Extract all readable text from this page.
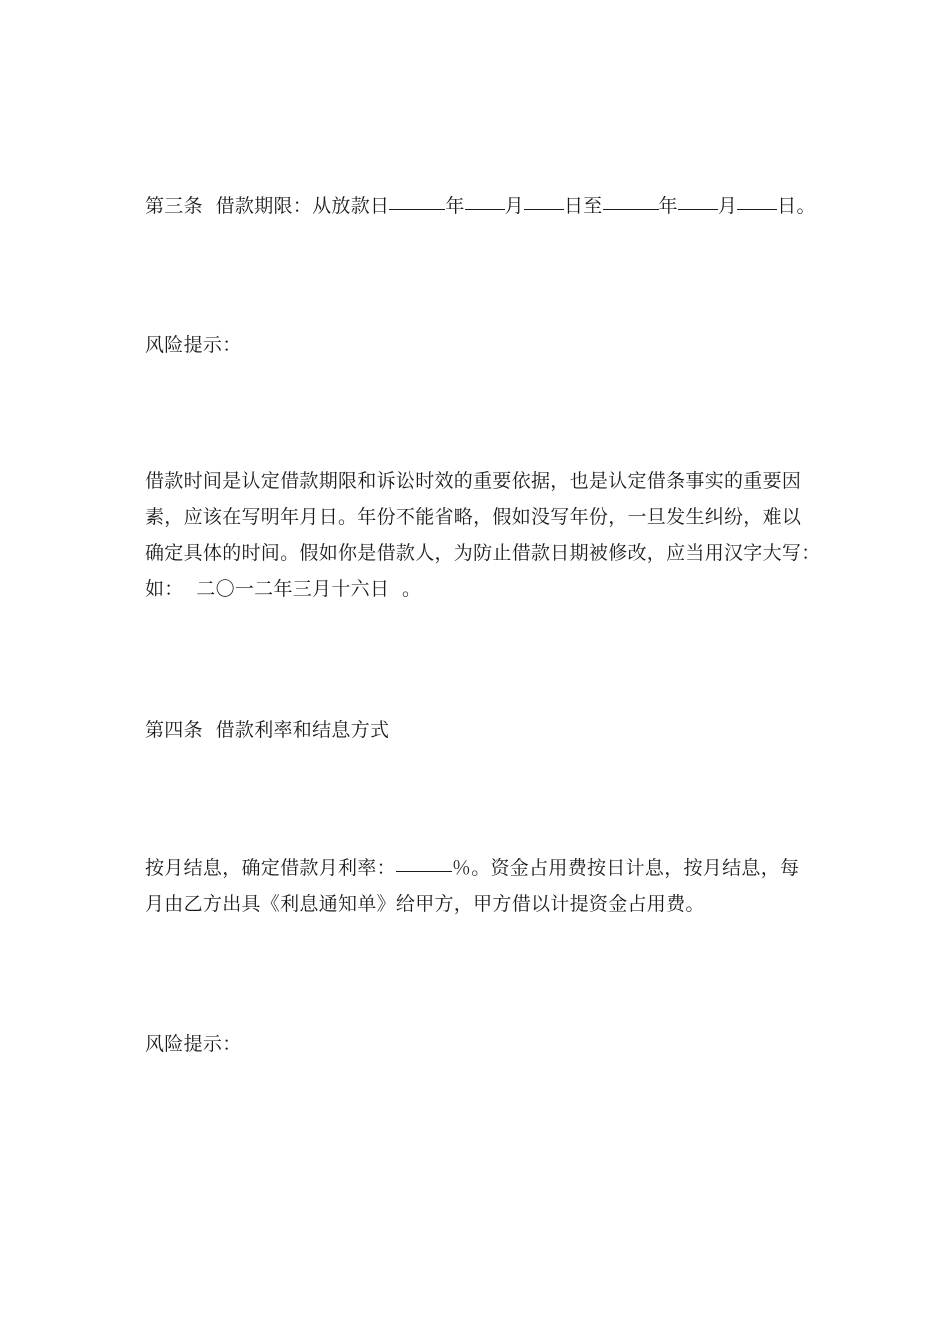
第三条 借款期限：从放款日	年 月 日至	年 月 日。
风险提示：
借款时间是认定借款期限和诉讼时效的重要依据，也是认定借条事实的重要因
素，应该在写明年月日。年份不能省略，假如没写年份，一旦发生纠纷，难以
确定具体的时间。假如你是借款人，为防止借款日期被修改，应当用汉字大写：
如：  二〇一二年三月十六日  。
第四条 借款利率和结息方式
按月结息，确定借款月利率：	％。资金占用费按日计息，按月结息，每
月由乙方出具《利息通知单》给甲方，甲方借以计提资金占用费。
风险提示：
